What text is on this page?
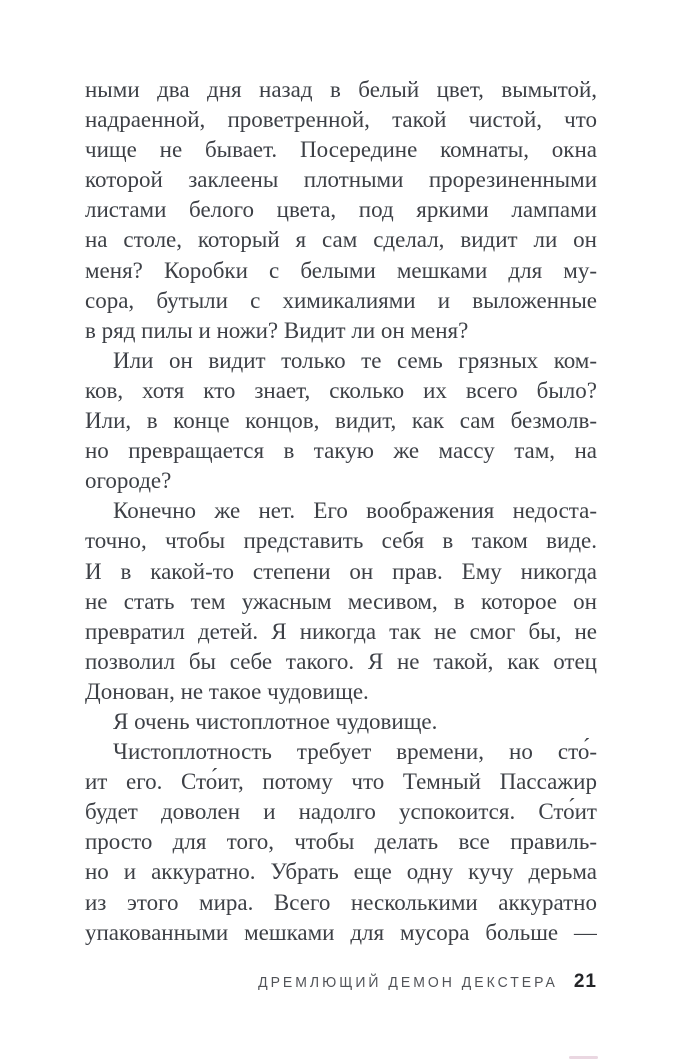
ными два дня назад в белый цвет, вымытой,
надраенной, проветренной, такой чистой, что
чище не бывает. Посередине комнаты, окна
которой заклеены плотными прорезиненными
листами белого цвета, под яркими лампами
на столе, который я сам сделал, видит ли он
меня? Коробки с белыми мешками для му-
сора, бутыли с химикалиями и выложенные
в ряд пилы и ножи? Видит ли он меня?
Или он видит только те семь грязных ком-
ков, хотя кто знает, сколько их всего было?
Или, в конце концов, видит, как сам безмолв-
но превращается в такую же массу там, на
огороде?
Конечно же нет. Его воображения недоста-
точно, чтобы представить себя в таком виде.
И в какой-то степени он прав. Ему никогда
не стать тем ужасным месивом, в которое он
превратил детей. Я никогда так не смог бы, не
позволил бы себе такого. Я не такой, как отец
Донован, не такое чудовище.
Я очень чистоплотное чудовище.
Чистоплотность требует времени, но сто́-
ит его. Сто́ит, потому что Темный Пассажир
будет доволен и надолго успокоится. Сто́ит
просто для того, чтобы делать все правиль-
но и аккуратно. Убрать еще одну кучу дерьма
из этого мира. Всего несколькими аккуратно
упакованными мешками для мусора больше —
ДРЕМЛЮЩИЙ ДЕМОН ДЕКСТЕРА 21
